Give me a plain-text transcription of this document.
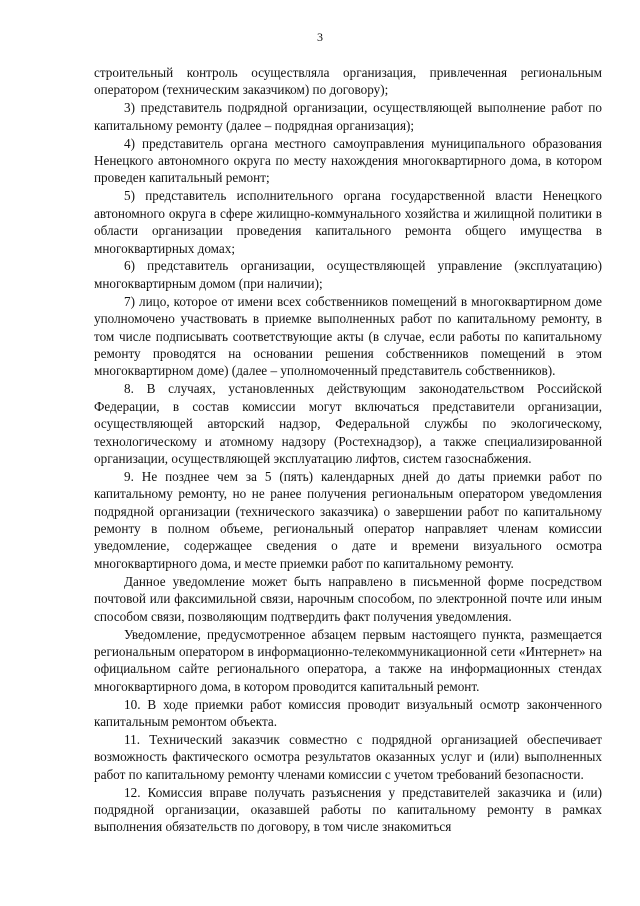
3

строительный контроль осуществляла организация, привлеченная региональным оператором (техническим заказчиком) по договору);

3) представитель подрядной организации, осуществляющей выполнение работ по капитальному ремонту (далее – подрядная организация);

4) представитель органа местного самоуправления муниципального образования Ненецкого автономного округа по месту нахождения многоквартирного дома, в котором проведен капитальный ремонт;

5) представитель исполнительного органа государственной власти Ненецкого автономного округа в сфере жилищно-коммунального хозяйства и жилищной политики в области организации проведения капитального ремонта общего имущества в многоквартирных домах;

6) представитель организации, осуществляющей управление (эксплуатацию) многоквартирным домом (при наличии);

7) лицо, которое от имени всех собственников помещений в многоквартирном доме уполномочено участвовать в приемке выполненных работ по капитальному ремонту, в том числе подписывать соответствующие акты (в случае, если работы по капитальному ремонту проводятся на основании решения собственников помещений в этом многоквартирном доме) (далее – уполномоченный представитель собственников).

8. В случаях, установленных действующим законодательством Российской Федерации, в состав комиссии могут включаться представители организации, осуществляющей авторский надзор, Федеральной службы по экологическому, технологическому и атомному надзору (Ростехнадзор), а также специализированной организации, осуществляющей эксплуатацию лифтов, систем газоснабжения.

9. Не позднее чем за 5 (пять) календарных дней до даты приемки работ по капитальному ремонту, но не ранее получения региональным оператором уведомления подрядной организации (технического заказчика) о завершении работ по капитальному ремонту в полном объеме, региональный оператор направляет членам комиссии уведомление, содержащее сведения о дате и времени визуального осмотра многоквартирного дома, и месте приемки работ по капитальному ремонту.

Данное уведомление может быть направлено в письменной форме посредством почтовой или факсимильной связи, нарочным способом, по электронной почте или иным способом связи, позволяющим подтвердить факт получения уведомления.

Уведомление, предусмотренное абзацем первым настоящего пункта, размещается региональным оператором в информационно-телекоммуникационной сети «Интернет» на официальном сайте регионального оператора, а также на информационных стендах многоквартирного дома, в котором проводится капитальный ремонт.

10. В ходе приемки работ комиссия проводит визуальный осмотр законченного капитальным ремонтом объекта.

11. Технический заказчик совместно с подрядной организацией обеспечивает возможность фактического осмотра результатов оказанных услуг и (или) выполненных работ по капитальному ремонту членами комиссии с учетом требований безопасности.

12. Комиссия вправе получать разъяснения у представителей заказчика и (или) подрядной организации, оказавшей работы по капитальному ремонту в рамках выполнения обязательств по договору, в том числе знакомиться
